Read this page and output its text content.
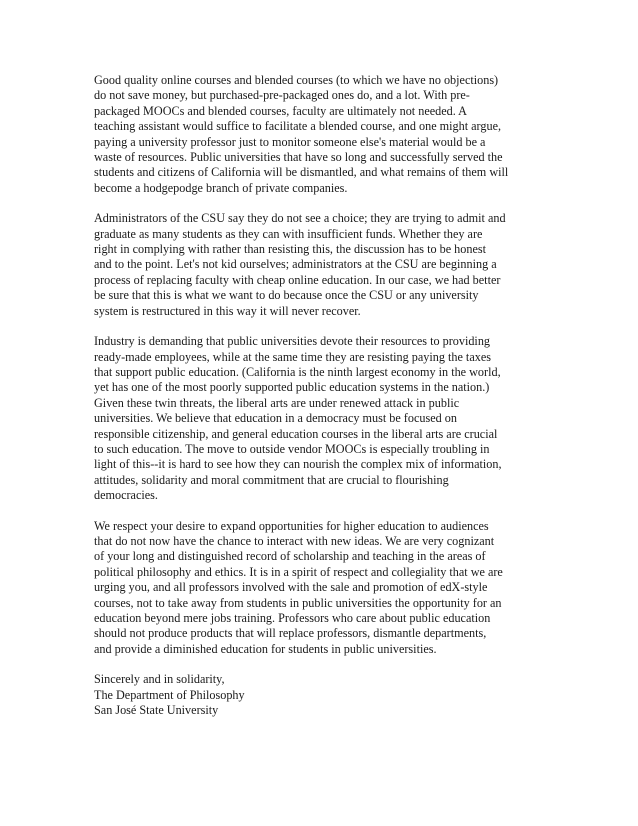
Good quality online courses and blended courses (to which we have no objections)
do not save money, but purchased-pre-packaged ones do, and a lot. With pre-
packaged MOOCs and blended courses, faculty are ultimately not needed. A
teaching assistant would suffice to facilitate a blended course, and one might argue,
paying a university professor just to monitor someone else's material would be a
waste of resources. Public universities that have so long and successfully served the
students and citizens of California will be dismantled, and what remains of them will
become a hodgepodge branch of private companies.
Administrators of the CSU say they do not see a choice; they are trying to admit and
graduate as many students as they can with insufficient funds. Whether they are
right in complying with rather than resisting this, the discussion has to be honest
and to the point. Let's not kid ourselves; administrators at the CSU are beginning a
process of replacing faculty with cheap online education. In our case, we had better
be sure that this is what we want to do because once the CSU or any university
system is restructured in this way it will never recover.
Industry is demanding that public universities devote their resources to providing
ready-made employees, while at the same time they are resisting paying the taxes
that support public education. (California is the ninth largest economy in the world,
yet has one of the most poorly supported public education systems in the nation.)
Given these twin threats, the liberal arts are under renewed attack in public
universities. We believe that education in a democracy must be focused on
responsible citizenship, and general education courses in the liberal arts are crucial
to such education. The move to outside vendor MOOCs is especially troubling in
light of this--it is hard to see how they can nourish the complex mix of information,
attitudes, solidarity and moral commitment that are crucial to flourishing
democracies.
We respect your desire to expand opportunities for higher education to audiences
that do not now have the chance to interact with new ideas. We are very cognizant
of your long and distinguished record of scholarship and teaching in the areas of
political philosophy and ethics. It is in a spirit of respect and collegiality that we are
urging you, and all professors involved with the sale and promotion of edX-style
courses, not to take away from students in public universities the opportunity for an
education beyond mere jobs training. Professors who care about public education
should not produce products that will replace professors, dismantle departments,
and provide a diminished education for students in public universities.
Sincerely and in solidarity,
The Department of Philosophy
San José State University
